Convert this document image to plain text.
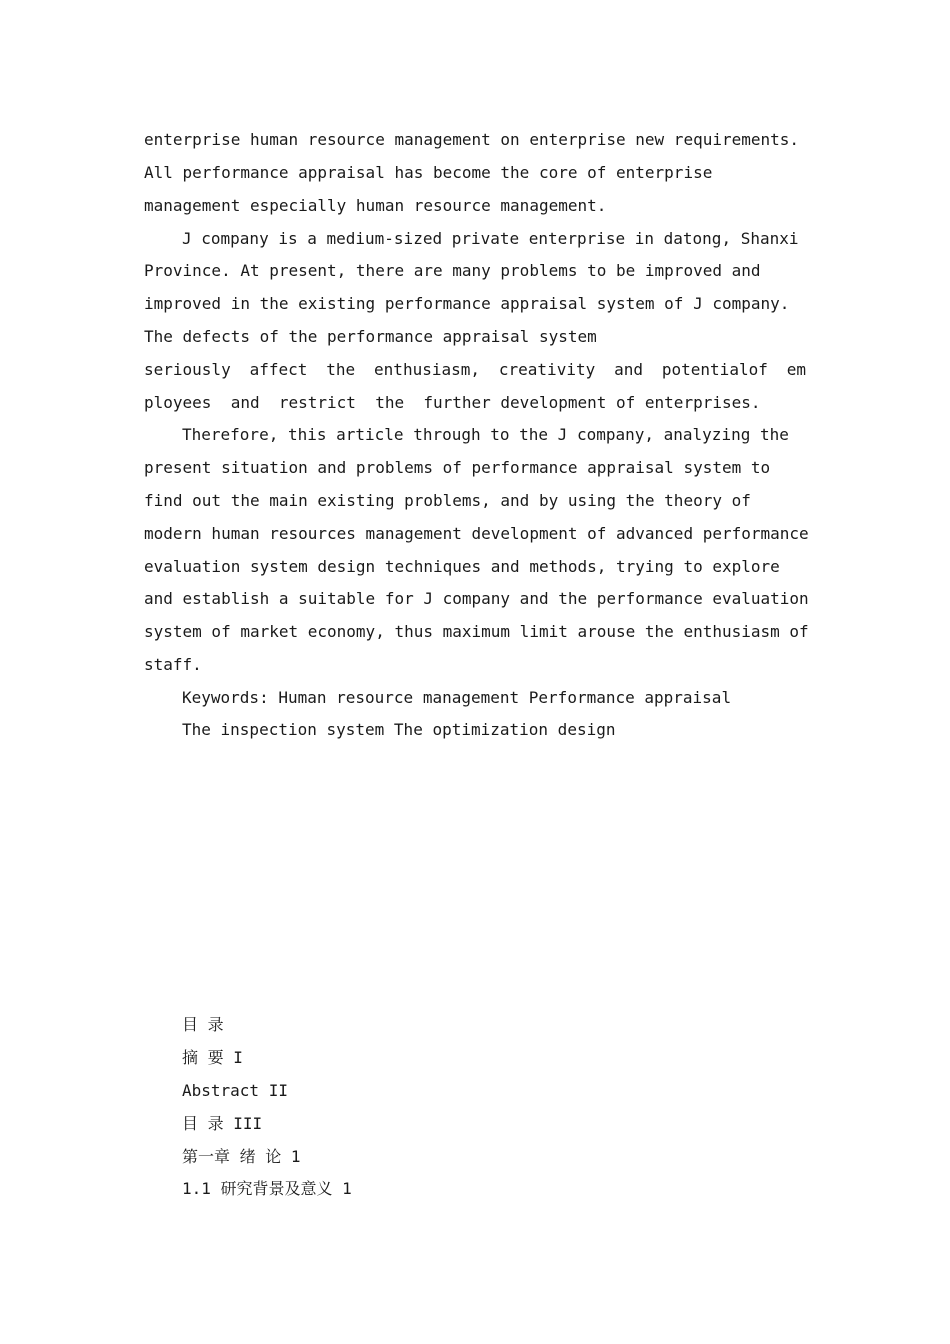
enterprise human resource management on enterprise new requirements.
All performance appraisal has become the core of enterprise
management especially human resource management.
J company is a medium-sized private enterprise in datong, Shanxi
Province. At present, there are many problems to be improved and
improved in the existing performance appraisal system of J company.
The defects of the performance appraisal system
seriously affect the enthusiasm, creativity and potentialof em
ployees  and  restrict  the  further development of enterprises.
Therefore, this article through to the J company, analyzing the
present situation and problems of performance appraisal system to
find out the main existing problems, and by using the theory of
modern human resources management development of advanced performance
evaluation system design techniques and methods, trying to explore
and establish a suitable for J company and the performance evaluation
system of market economy, thus maximum limit arouse the enthusiasm of
staff.
Keywords: Human resource management Performance appraisal
The inspection system The optimization design
目 录
摘 要 I
Abstract II
目 录 III
第一章 绪 论 1
1.1 研究背景及意义 1
